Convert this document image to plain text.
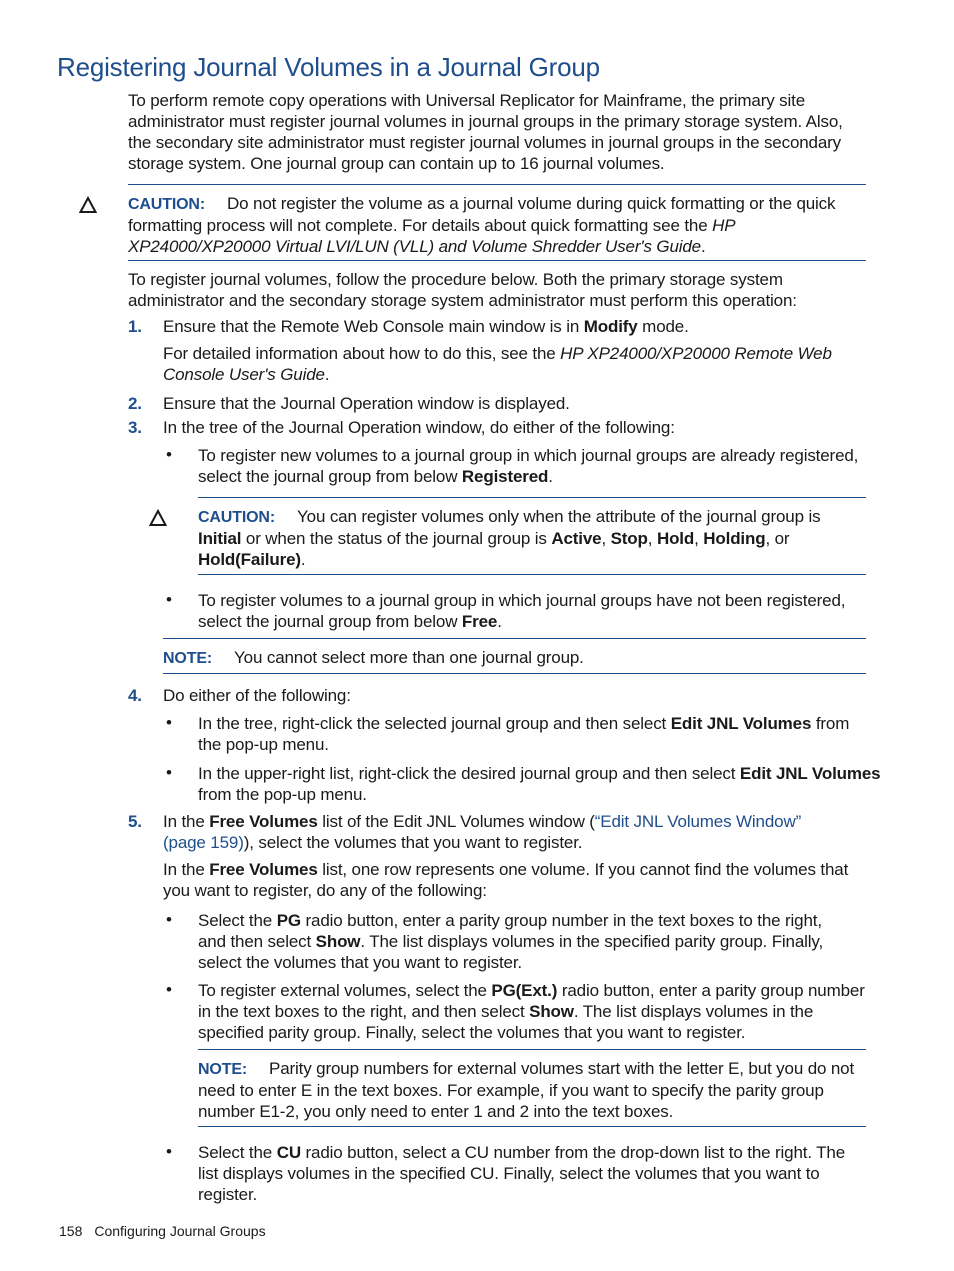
Registering Journal Volumes in a Journal Group
To perform remote copy operations with Universal Replicator for Mainframe, the primary site
administrator must register journal volumes in journal groups in the primary storage system. Also,
the secondary site administrator must register journal volumes in journal groups in the secondary
storage system. One journal group can contain up to 16 journal volumes.
CAUTION: Do not register the volume as a journal volume during quick formatting or the quick
formatting process will not complete. For details about quick formatting see the HP
XP24000/XP20000 Virtual LVI/LUN (VLL) and Volume Shredder User's Guide.
To register journal volumes, follow the procedure below. Both the primary storage system
administrator and the secondary storage system administrator must perform this operation:
1. Ensure that the Remote Web Console main window is in Modify mode.
For detailed information about how to do this, see the HP XP24000/XP20000 Remote Web
Console User's Guide.
2. Ensure that the Journal Operation window is displayed.
3. In the tree of the Journal Operation window, do either of the following:
• To register new volumes to a journal group in which journal groups are already registered,
select the journal group from below Registered.
CAUTION: You can register volumes only when the attribute of the journal group is
Initial or when the status of the journal group is Active, Stop, Hold, Holding, or
Hold(Failure).
• To register volumes to a journal group in which journal groups have not been registered,
select the journal group from below Free.
NOTE: You cannot select more than one journal group.
4. Do either of the following:
• In the tree, right-click the selected journal group and then select Edit JNL Volumes from
the pop-up menu.
• In the upper-right list, right-click the desired journal group and then select Edit JNL Volumes
from the pop-up menu.
5. In the Free Volumes list of the Edit JNL Volumes window (“Edit JNL Volumes Window”
(page 159)), select the volumes that you want to register.
In the Free Volumes list, one row represents one volume. If you cannot find the volumes that
you want to register, do any of the following:
• Select the PG radio button, enter a parity group number in the text boxes to the right,
and then select Show. The list displays volumes in the specified parity group. Finally,
select the volumes that you want to register.
• To register external volumes, select the PG(Ext.) radio button, enter a parity group number
in the text boxes to the right, and then select Show. The list displays volumes in the
specified parity group. Finally, select the volumes that you want to register.
NOTE: Parity group numbers for external volumes start with the letter E, but you do not
need to enter E in the text boxes. For example, if you want to specify the parity group
number E1-2, you only need to enter 1 and 2 into the text boxes.
• Select the CU radio button, select a CU number from the drop-down list to the right. The
list displays volumes in the specified CU. Finally, select the volumes that you want to
register.
158 Configuring Journal Groups
